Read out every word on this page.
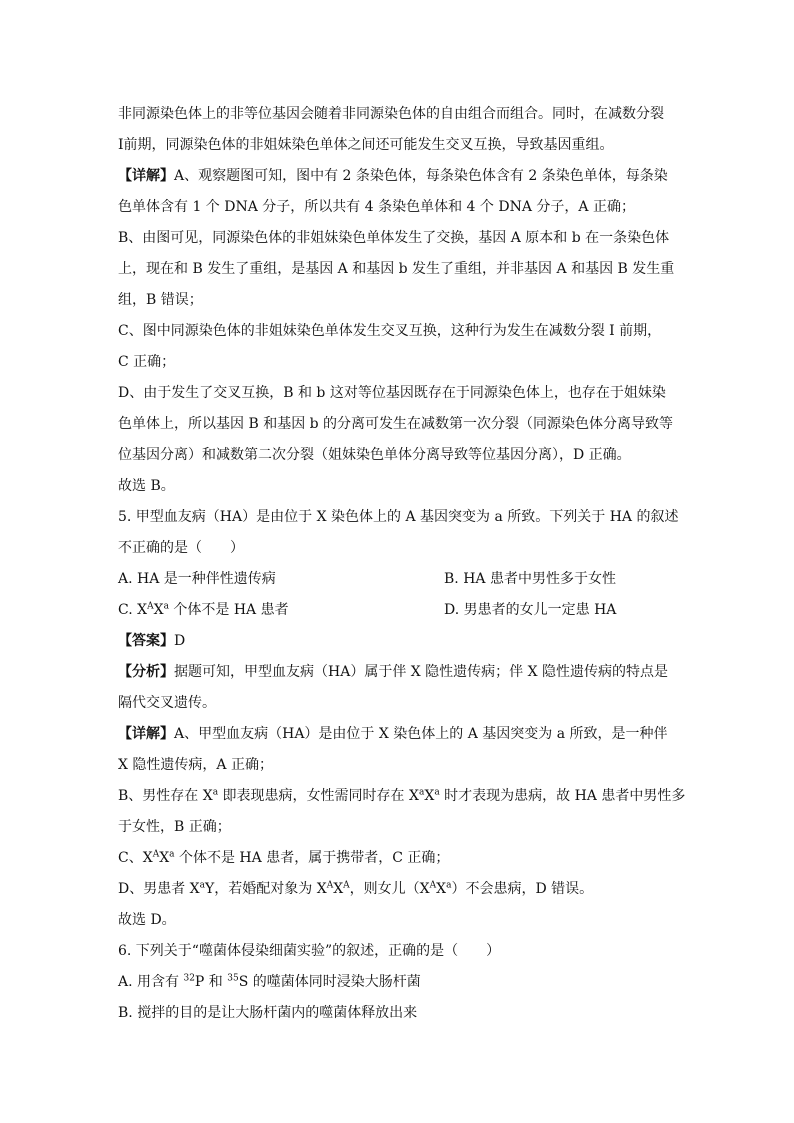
非同源染色体上的非等位基因会随着非同源染色体的自由组合而组合。同时，在减数分裂
Ⅰ前期，同源染色体的非姐妹染色单体之间还可能发生交叉互换，导致基因重组。
【详解】A、观察题图可知，图中有 2 条染色体，每条染色体含有 2 条染色单体，每条染
色单体含有 1 个 DNA 分子，所以共有 4 条染色单体和 4 个 DNA 分子，A 正确；
B、由图可见，同源染色体的非姐妹染色单体发生了交换，基因 A 原本和 b 在一条染色体
上，现在和 B 发生了重组，是基因 A 和基因 b 发生了重组，并非基因 A 和基因 B 发生重
组，B 错误；
C、图中同源染色体的非姐妹染色单体发生交叉互换，这种行为发生在减数分裂 Ⅰ 前期，
C 正确；
D、由于发生了交叉互换，B 和 b 这对等位基因既存在于同源染色体上，也存在于姐妹染
色单体上，所以基因 B 和基因 b 的分离可发生在减数第一次分裂（同源染色体分离导致等
位基因分离）和减数第二次分裂（姐妹染色单体分离导致等位基因分离），D 正确。
故选 B。
5. 甲型血友病（HA）是由位于 X 染色体上的 A 基因突变为 a 所致。下列关于 HA 的叙述
不正确的是（　　）
A. HA 是一种伴性遗传病	B. HA 患者中男性多于女性
C. $X^AX^a$ 个体不是 HA 患者	D. 男患者的女儿一定患 HA
【答案】D
【分析】据题可知，甲型血友病（HA）属于伴 X 隐性遗传病；伴 X 隐性遗传病的特点是
隔代交叉遗传。
【详解】A、甲型血友病（HA）是由位于 X 染色体上的 A 基因突变为 a 所致，是一种伴
X 隐性遗传病，A 正确；
B、男性存在 $X^a$ 即表现患病，女性需同时存在 $X^aX^a$ 时才表现为患病，故 HA 患者中男性多
于女性，B 正确；
C、$X^AX^a$ 个体不是 HA 患者，属于携带者，C 正确；
D、男患者 $X^aY$，若婚配对象为 $X^AX^A$，则女儿$(X^AX^a)$不会患病，D 错误。
故选 D。
6. 下列关于“噬菌体侵染细菌实验”的叙述，正确的是（　　）
A. 用含有 $^{32}$P 和 $^{35}$S 的噬菌体同时浸染大肠杆菌
B. 搅拌的目的是让大肠杆菌内的噬菌体释放出来
